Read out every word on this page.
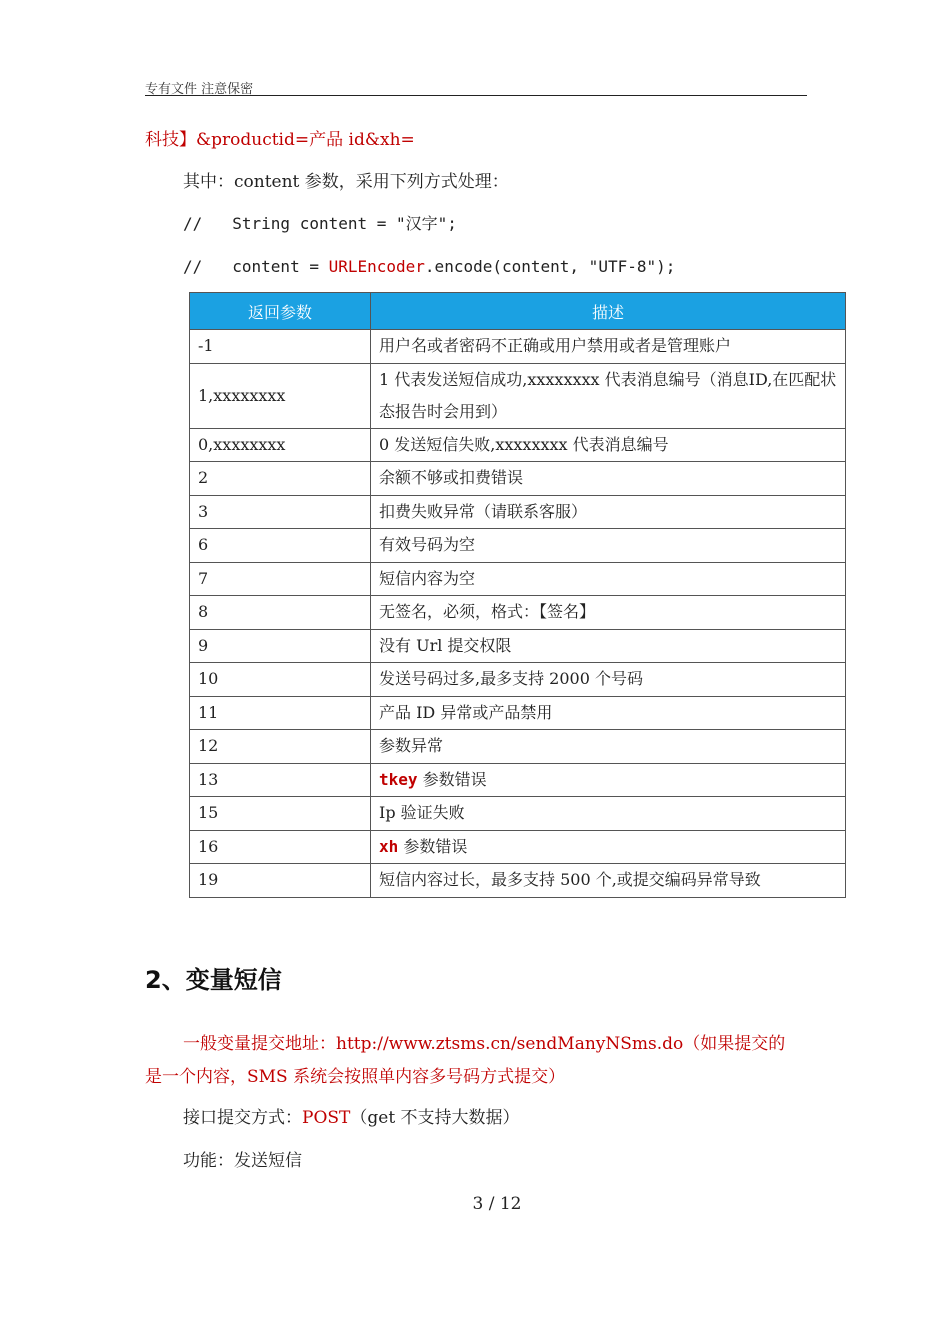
专有文件 注意保密
科技】&productid=产品 id&xh=
其中：content 参数，采用下列方式处理：
// String content = "汉字";
// content = URLEncoder.encode(content, "UTF-8");
返回参数	描述
-1	用户名或者密码不正确或用户禁用或者是管理账户
1,xxxxxxxx	1 代表发送短信成功,xxxxxxxx 代表消息编号（消息ID,在匹配状态报告时会用到）
0,xxxxxxxx	0 发送短信失败,xxxxxxxx 代表消息编号
2	余额不够或扣费错误
3	扣费失败异常（请联系客服）
6	有效号码为空
7	短信内容为空
8	无签名，必须，格式：【签名】
9	没有 Url 提交权限
10	发送号码过多,最多支持 2000 个号码
11	产品 ID 异常或产品禁用
12	参数异常
13	tkey 参数错误
15	Ip 验证失败
16	xh 参数错误
19	短信内容过长，最多支持 500 个,或提交编码异常导致
2、变量短信
一般变量提交地址：http://www.ztsms.cn/sendManyNSms.do（如果提交的
是一个内容，SMS 系统会按照单内容多号码方式提交）
接口提交方式：POST（get 不支持大数据）
功能：发送短信
3 / 12
